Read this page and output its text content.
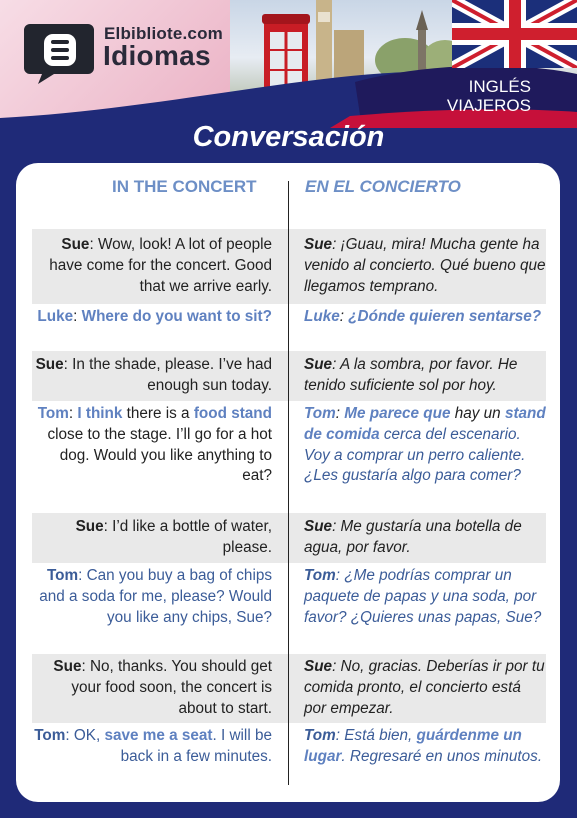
Elbibliote.com
Idiomas
INGLÉS
VIAJEROS
Conversación
IN THE CONCERT	EN EL CONCIERTO
Sue: Wow, look! A lot of people have come for the concert. Good that we arrive early.
Sue: ¡Guau, mira! Mucha gente ha venido al concierto. Qué bueno que llegamos temprano.
Luke: Where do you want to sit? Luke: ¿Dónde quieren sentarse?
Sue: In the shade, please. I’ve had enough sun today.
Sue: A la sombra, por favor. He tenido suficiente sol por hoy.
Tom: I think there is a food stand close to the stage. I’ll go for a hot dog. Would you like anything to eat?
Tom: Me parece que hay un stand de comida cerca del escenario. Voy a comprar un perro caliente. ¿Les gustaría algo para comer?
Sue: I’d like a bottle of water, please.
Sue: Me gustaría una botella de agua, por favor.
Tom: Can you buy a bag of chips and a soda for me, please? Would you like any chips, Sue?
Tom: ¿Me podrías comprar un paquete de papas y una soda, por favor? ¿Quieres unas papas, Sue?
Sue: No, thanks. You should get your food soon, the concert is about to start.
Sue: No, gracias. Deberías ir por tu comida pronto, el concierto está por empezar.
Tom: OK, save me a seat. I will be back in a few minutes.
Tom: Está bien, guárdenme un lugar. Regresaré en unos minutos.
